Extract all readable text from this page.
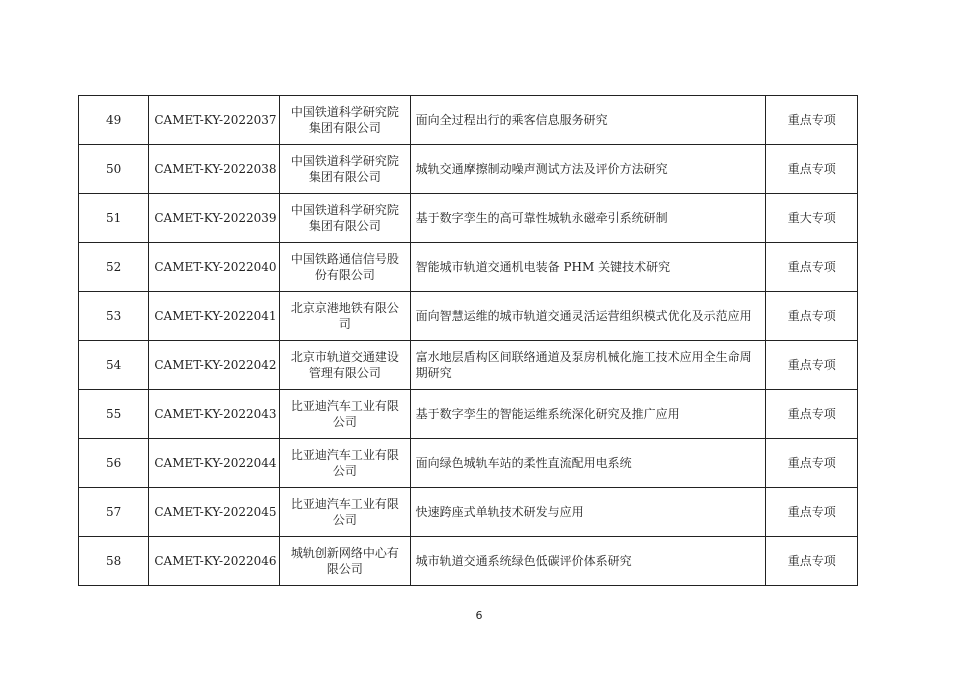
49	CAMET-KY-2022037	中国铁道科学研究院集团有限公司	面向全过程出行的乘客信息服务研究	重点专项
50	CAMET-KY-2022038	中国铁道科学研究院集团有限公司	城轨交通摩擦制动噪声测试方法及评价方法研究	重点专项
51	CAMET-KY-2022039	中国铁道科学研究院集团有限公司	基于数字孪生的高可靠性城轨永磁牵引系统研制	重大专项
52	CAMET-KY-2022040	中国铁路通信信号股份有限公司	智能城市轨道交通机电装备 PHM 关键技术研究	重点专项
53	CAMET-KY-2022041	北京京港地铁有限公司	面向智慧运维的城市轨道交通灵活运营组织模式优化及示范应用	重点专项
54	CAMET-KY-2022042	北京市轨道交通建设管理有限公司	富水地层盾构区间联络通道及泵房机械化施工技术应用全生命周期研究	重点专项
55	CAMET-KY-2022043	比亚迪汽车工业有限公司	基于数字孪生的智能运维系统深化研究及推广应用	重点专项
56	CAMET-KY-2022044	比亚迪汽车工业有限公司	面向绿色城轨车站的柔性直流配用电系统	重点专项
57	CAMET-KY-2022045	比亚迪汽车工业有限公司	快速跨座式单轨技术研发与应用	重点专项
58	CAMET-KY-2022046	城轨创新网络中心有限公司	城市轨道交通系统绿色低碳评价体系研究	重点专项
6
